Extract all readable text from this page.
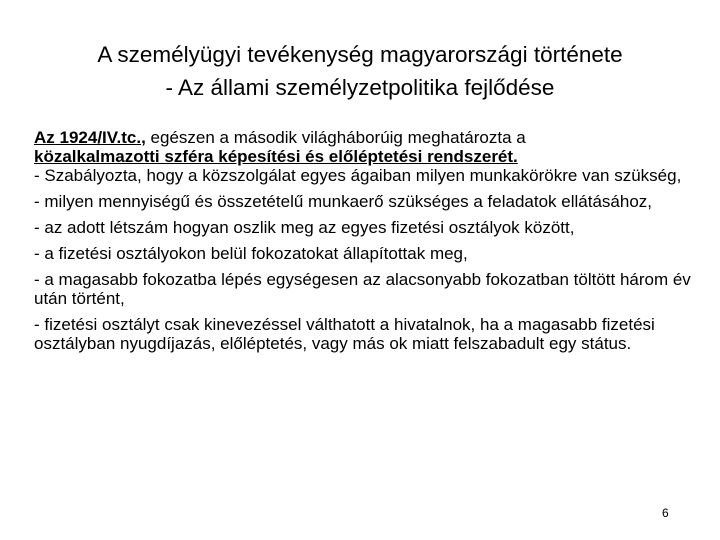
A személyügyi tevékenység magyarországi története
- Az állami személyzetpolitika fejlődése

Az 1924/IV.tc., egészen a második világháborúig meghatározta a
közalkalmazotti szféra képesítési és előléptetési rendszerét.

- Szabályozta, hogy a közszolgálat egyes ágaiban milyen munkakörökre van szükség,

- milyen mennyiségű és összetételű munkaerő szükséges a feladatok ellátásához,

- az adott létszám hogyan oszlik meg az egyes fizetési osztályok között,

- a fizetési osztályokon belül fokozatokat állapítottak meg,

- a magasabb fokozatba lépés egységesen az alacsonyabb fokozatban töltött három év után történt,

- fizetési osztályt csak kinevezéssel válthatott a hivatalnok, ha a magasabb fizetési osztályban nyugdíjazás, előléptetés, vagy más ok miatt felszabadult egy státus.

6
